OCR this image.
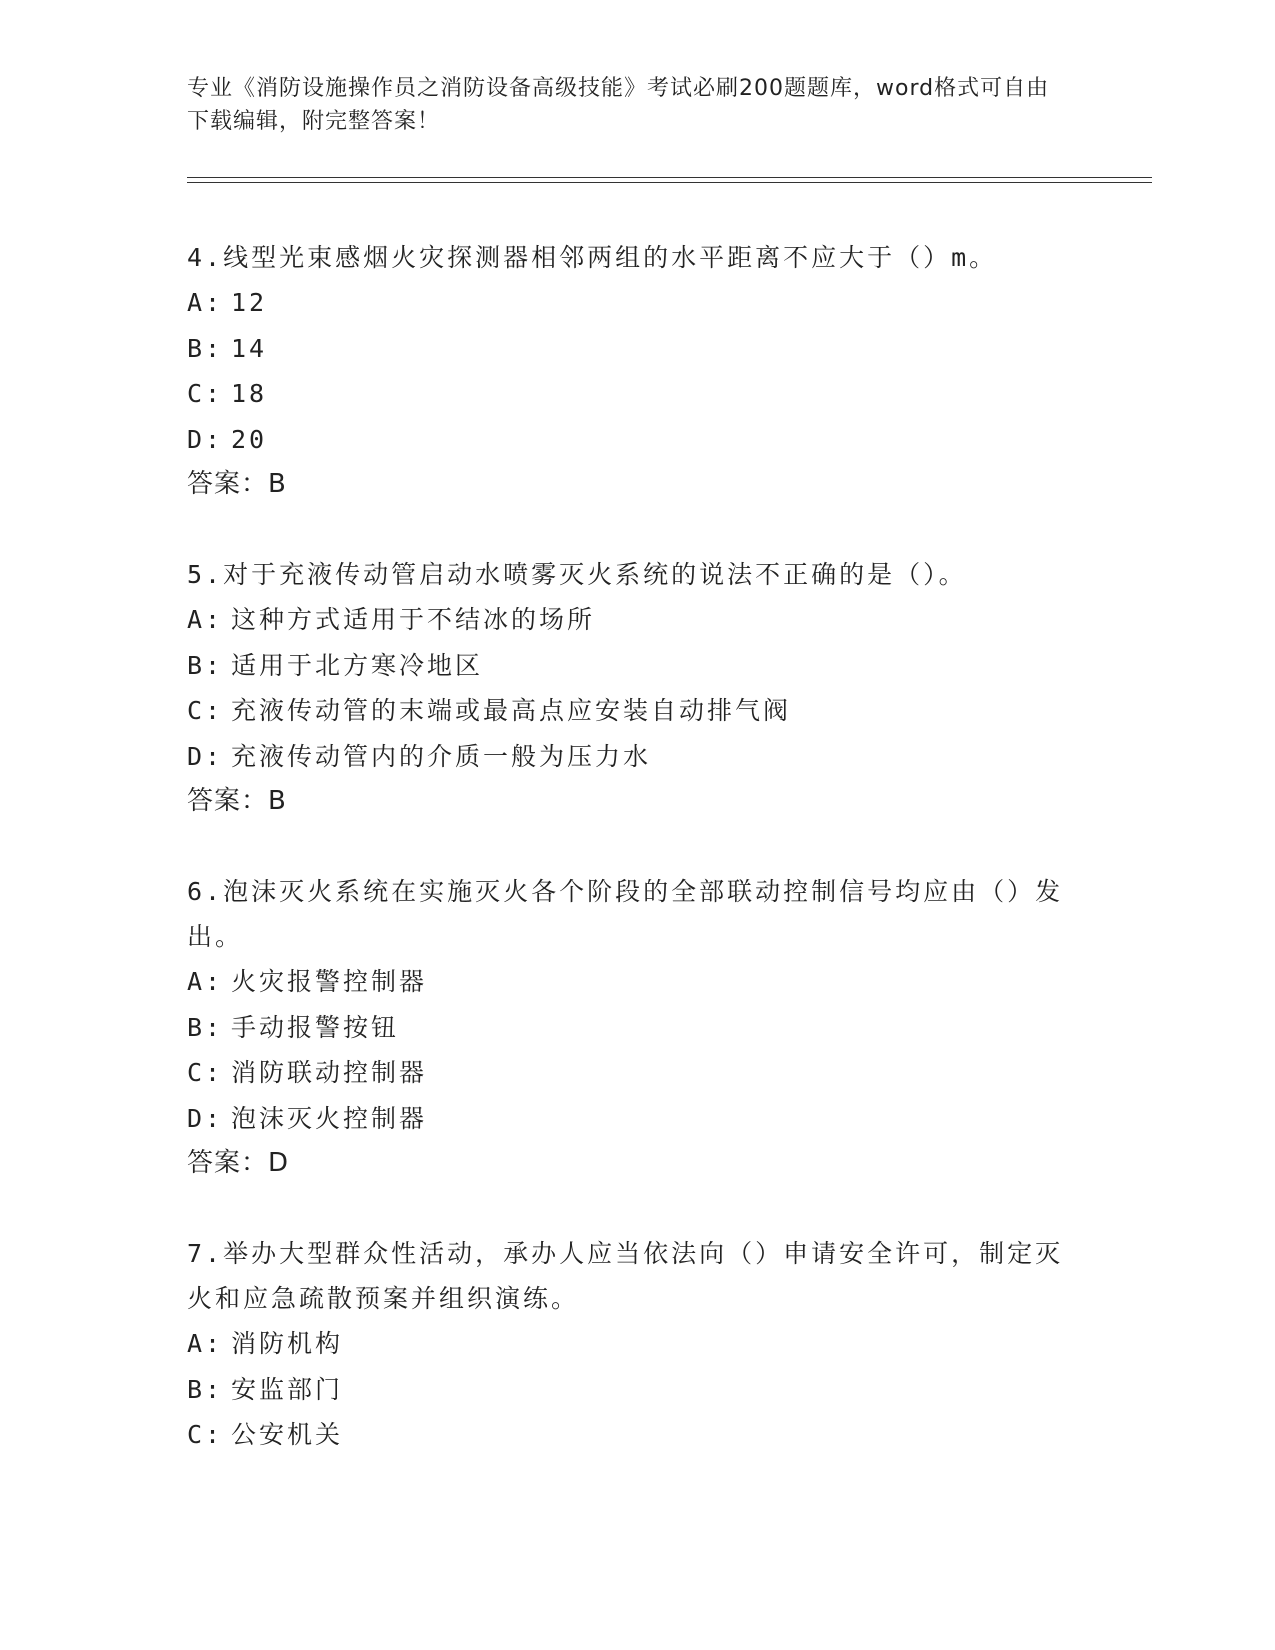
专业《消防设施操作员之消防设备高级技能》考试必刷200题题库，word格式可自由下载编辑，附完整答案！

4.线型光束感烟火灾探测器相邻两组的水平距离不应大于（）m。

A: 12

B: 14

C: 18

D: 20

答案：B

5.对于充液传动管启动水喷雾灭火系统的说法不正确的是（）。

A: 这种方式适用于不结冰的场所

B: 适用于北方寒冷地区

C: 充液传动管的末端或最高点应安装自动排气阀

D: 充液传动管内的介质一般为压力水

答案：B

6.泡沫灭火系统在实施灭火各个阶段的全部联动控制信号均应由（）发出。

A: 火灾报警控制器

B: 手动报警按钮

C: 消防联动控制器

D: 泡沫灭火控制器

答案：D

7.举办大型群众性活动，承办人应当依法向（）申请安全许可，制定灭火和应急疏散预案并组织演练。

A: 消防机构

B: 安监部门

C: 公安机关
